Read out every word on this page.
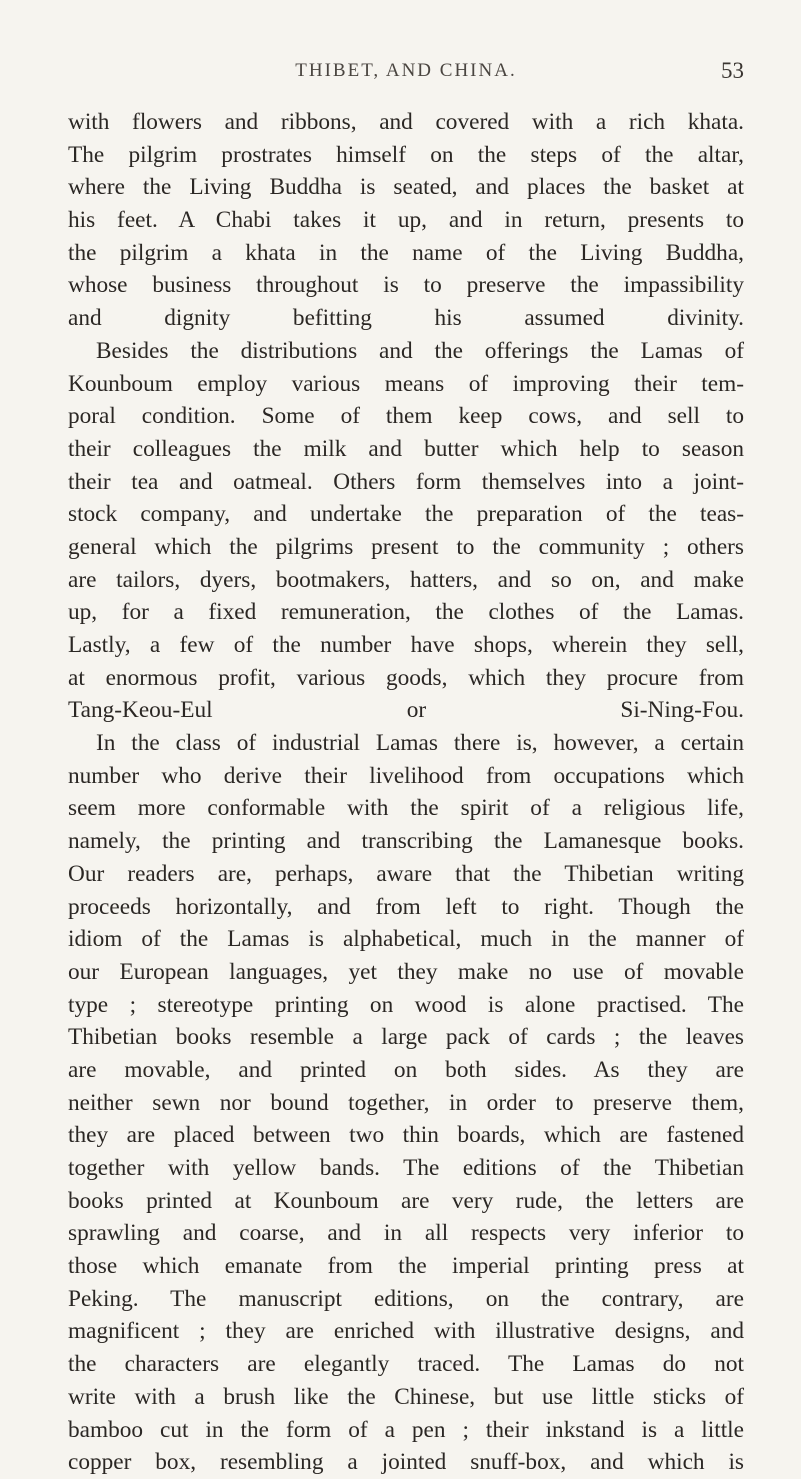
THIBET, AND CHINA.	53
with flowers and ribbons, and covered with a rich khata.
The pilgrim prostrates himself on the steps of the altar,
where the Living Buddha is seated, and places the basket at
his feet. A Chabi takes it up, and in return, presents to
the pilgrim a khata in the name of the Living Buddha,
whose business throughout is to preserve the impassibility
and dignity befitting his assumed divinity.
Besides the distributions and the offerings the Lamas of
Kounboum employ various means of improving their tem-
poral condition. Some of them keep cows, and sell to
their colleagues the milk and butter which help to season
their tea and oatmeal. Others form themselves into a joint-
stock company, and undertake the preparation of the teas-
general which the pilgrims present to the community ; others
are tailors, dyers, bootmakers, hatters, and so on, and make
up, for a fixed remuneration, the clothes of the Lamas.
Lastly, a few of the number have shops, wherein they sell,
at enormous profit, various goods, which they procure from
Tang-Keou-Eul or Si-Ning-Fou.
In the class of industrial Lamas there is, however, a certain
number who derive their livelihood from occupations which
seem more conformable with the spirit of a religious life,
namely, the printing and transcribing the Lamanesque books.
Our readers are, perhaps, aware that the Thibetian writing
proceeds horizontally, and from left to right. Though the
idiom of the Lamas is alphabetical, much in the manner of
our European languages, yet they make no use of movable
type ; stereotype printing on wood is alone practised. The
Thibetian books resemble a large pack of cards ; the leaves
are movable, and printed on both sides. As they are
neither sewn nor bound together, in order to preserve them,
they are placed between two thin boards, which are fastened
together with yellow bands. The editions of the Thibetian
books printed at Kounboum are very rude, the letters are
sprawling and coarse, and in all respects very inferior to
those which emanate from the imperial printing press at
Peking. The manuscript editions, on the contrary, are
magnificent ; they are enriched with illustrative designs, and
the characters are elegantly traced. The Lamas do not
write with a brush like the Chinese, but use little sticks of
bamboo cut in the form of a pen ; their inkstand is a little
copper box, resembling a jointed snuff-box, and which is
